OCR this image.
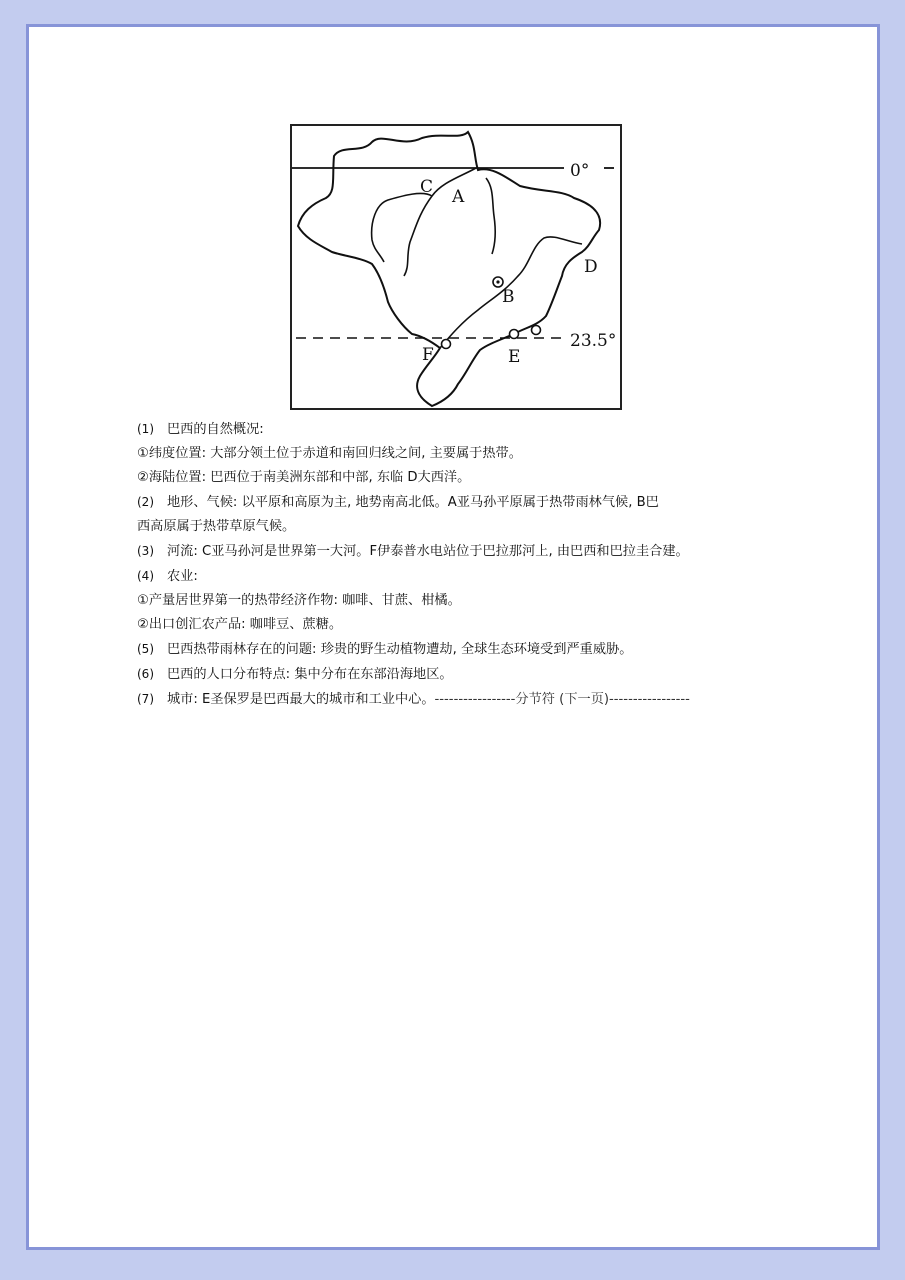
0°
23.5°
C A
D
B
F	E
(1) 巴西的自然概况:
①纬度位置: 大部分领土位于赤道和南回归线之间, 主要属于热带。
②海陆位置: 巴西位于南美洲东部和中部, 东临 D大西洋。
(2) 地形、气候: 以平原和高原为主, 地势南高北低。A亚马孙平原属于热带雨林气候, B巴
西高原属于热带草原气候。
(3) 河流: C亚马孙河是世界第一大河。F伊泰普水电站位于巴拉那河上, 由巴西和巴拉圭合建。
(4) 农业:
①产量居世界第一的热带经济作物: 咖啡、甘蔗、柑橘。
②出口创汇农产品: 咖啡豆、蔗糖。
(5) 巴西热带雨林存在的问题: 珍贵的野生动植物遭劫, 全球生态环境受到严重威胁。
(6) 巴西的人口分布特点: 集中分布在东部沿海地区。
(7) 城市: E圣保罗是巴西最大的城市和工业中心。-----------------分节符 (下一页)-----------------
